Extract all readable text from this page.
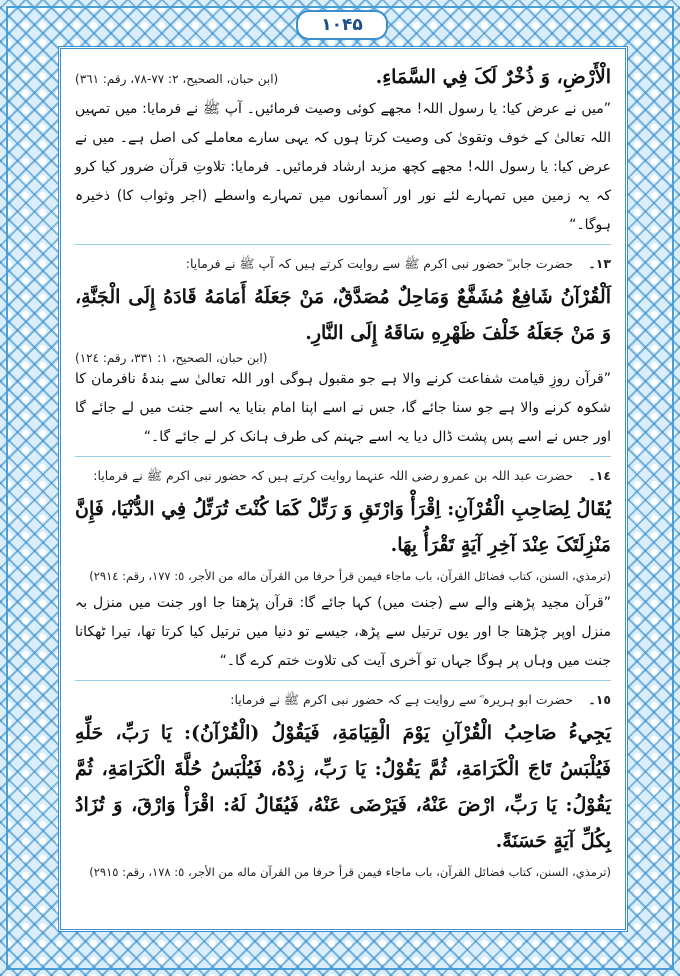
۱۰۴۵
الْأَرْضِ، وَ ذُخْرٌ لَکَ فِي السَّمَاءِ.
(ابن حبان، الصحيح، ٢: ٧٧-٧٨، رقم: ٣٦١)
”میں نے عرض کیا: یا رسول اللہ! مجھے کوئی وصیت فرمائیں۔ آپ ﷺ نے فرمایا: میں تمہیں اللہ تعالیٰ کے خوف وتقویٰ کی وصیت کرتا ہوں کہ یہی سارے معاملے کی اصل ہے۔ میں نے عرض کیا: یا رسول اللہ! مجھے کچھ مزید ارشاد فرمائیں۔ فرمایا: تلاوتِ قرآن ضرور کیا کرو کہ یہ زمین میں تمہارے لئے نور اور آسمانوں میں تمہارے واسطے (اجر وثواب کا) ذخیرہ ہوگا۔“
١٣۔
حضرت جابر ؓ حضور نبی اکرم ﷺ سے روایت کرتے ہیں کہ آپ ﷺ نے فرمایا:
اَلْقُرْآنُ شَافِعٌ مُشَفَّعٌ وَمَاحِلٌ مُصَدَّقٌ، مَنْ جَعَلَهُ أَمَامَهُ قَادَهُ إِلَی الْجَنَّةِ، وَ مَنْ جَعَلَهُ خَلْفَ ظَهْرِهِ سَاقَهُ إِلَی النَّارِ.
(ابن حبان، الصحيح، ١: ٣٣١، رقم: ١٢٤)
”قرآن روزِ قیامت شفاعت کرنے والا ہے جو مقبول ہوگی اور اللہ تعالیٰ سے بندۂ نافرمان کا شکوہ کرنے والا ہے جو سنا جائے گا، جس نے اسے اپنا امام بنایا یہ اسے جنت میں لے جائے گا اور جس نے اسے پس پشت ڈال دیا یہ اسے جہنم کی طرف ہانک کر لے جائے گا۔“
١٤۔
حضرت عبد اللہ بن عمرو رضی اللہ عنہما روایت کرتے ہیں کہ حضور نبی اکرم ﷺ نے فرمایا:
يُقَالُ لِصَاحِبِ الْقُرْآنِ: اِقْرَأْ وَارْتَقِ وَ رَتِّلْ کَمَا کُنْتَ تُرَتِّلُ فِي الدُّنْيَا، فَإِنَّ مَنْزِلَتَکَ عِنْدَ آخِرِ آيَةٍ تَقْرَأُ بِهَا.
(ترمذي، السنن، کتاب فضائل القرآن، باب ماجاء فيمن قرأ حرفا من القرآن ماله من الأجر، ٥: ١٧٧، رقم: ٢٩١٤)
”قرآن مجید پڑھنے والے سے (جنت میں) کہا جائے گا: قرآن پڑھتا جا اور جنت میں منزل بہ منزل اوپر چڑھتا جا اور یوں ترتیل سے پڑھ، جیسے تو دنیا میں ترتیل کیا کرتا تھا، تیرا ٹھکانا جنت میں وہاں پر ہوگا جہاں تو آخری آیت کی تلاوت ختم کرے گا۔“
١٥۔
حضرت ابو ہریرہ ؓ سے روایت ہے کہ حضور نبی اکرم ﷺ نے فرمایا:
يَجِيءُ صَاحِبُ الْقُرْآنِ يَوْمَ الْقِيَامَةِ، فَيَقُوْلُ (الْقُرْآنُ): يَا رَبِّ، حَلِّهِ فَيُلْبَسُ تَاجَ الْکَرَامَةِ، ثُمَّ يَقُوْلُ: يَا رَبِّ، زِدْهُ، فَيُلْبَسُ حُلَّةَ الْکَرَامَةِ، ثُمَّ يَقُوْلُ: يَا رَبِّ، ارْضَ عَنْهُ، فَيَرْضَی عَنْهُ، فَيُقَالُ لَهُ: اقْرَأْ وَارْقَ، وَ تُزَادُ بِکُلِّ آيَةٍ حَسَنَةً.
(ترمذي، السنن، کتاب فضائل القرآن، باب ماجاء فيمن قرأ حرفا من القرآن ماله من الأجر، ٥: ١٧٨، رقم: ٢٩١٥)
